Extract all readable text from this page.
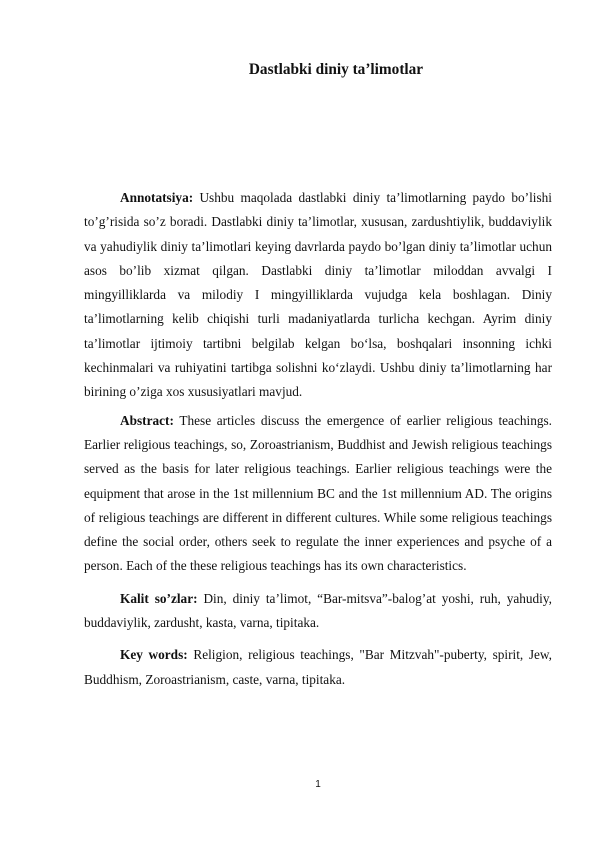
Dastlabki diniy ta’limotlar

Annotatsiya: Ushbu maqolada dastlabki diniy ta’limotlarning paydo bo’lishi to’g’risida so’z boradi. Dastlabki diniy ta’limotlar, xususan, zardushtiylik, buddaviylik va yahudiylik diniy ta’limotlari keying davrlarda paydo bo’lgan diniy ta’limotlar uchun asos bo’lib xizmat qilgan. Dastlabki diniy ta’limotlar miloddan avvalgi I mingyilliklarda va milodiy I mingyilliklarda vujudga kela boshlagan. Diniy ta’limotlarning kelib chiqishi turli madaniyatlarda turlicha kechgan. Ayrim diniy ta’limotlar ijtimoiy tartibni belgilab kelgan bo‘lsa, boshqalari insonning ichki kechinmalari va ruhiyatini tartibga solishni ko‘zlaydi. Ushbu diniy ta’limotlarning har birining o’ziga xos xususiyatlari mavjud.

Abstract: These articles discuss the emergence of earlier religious teachings. Earlier religious teachings, so, Zoroastrianism, Buddhist and Jewish religious teachings served as the basis for later religious teachings. Earlier religious teachings were the equipment that arose in the 1st millennium BC and the 1st millennium AD. The origins of religious teachings are different in different cultures. While some religious teachings define the social order, others seek to regulate the inner experiences and psyche of a person. Each of the these religious teachings has its own characteristics.

Kalit so’zlar: Din, diniy ta’limot, “Bar-mitsva”-balog’at yoshi, ruh, yahudiy, buddaviylik, zardusht, kasta, varna, tipitaka.

Key words: Religion, religious teachings, "Bar Mitzvah"-puberty, spirit, Jew, Buddhism, Zoroastrianism, caste, varna, tipitaka.

1
